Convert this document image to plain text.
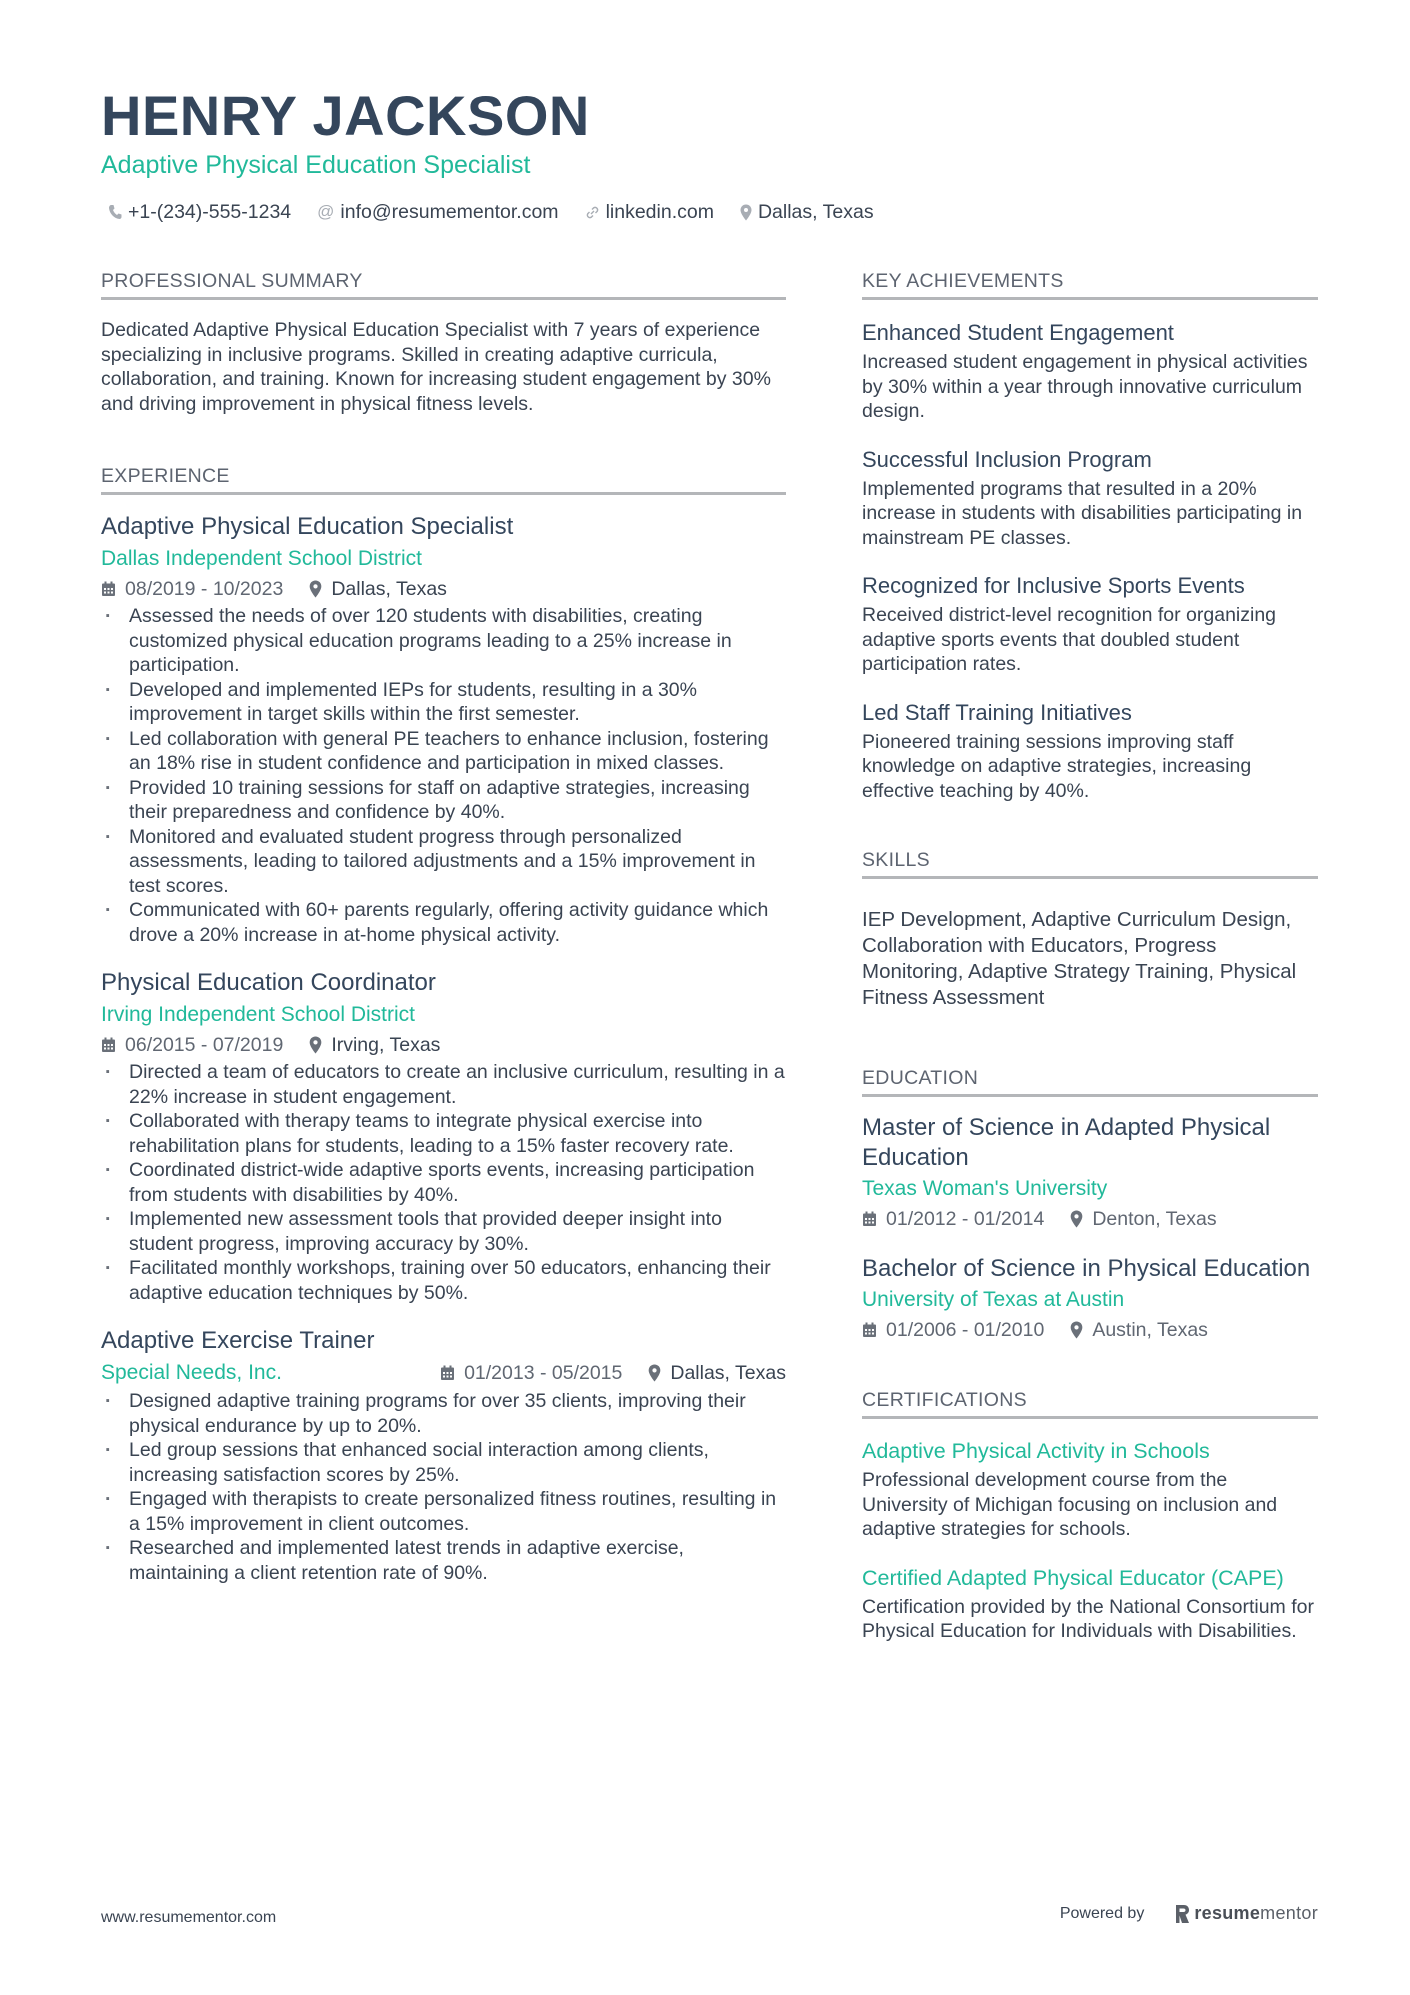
HENRY JACKSON
Adaptive Physical Education Specialist
+1-(234)-555-1234 @ info@resumementor.com linkedin.com Dallas, Texas
PROFESSIONAL SUMMARY

Dedicated Adaptive Physical Education Specialist with 7 years of experience specializing in inclusive programs. Skilled in creating adaptive curricula, collaboration, and training. Known for increasing student engagement by 30% and driving improvement in physical fitness levels.

EXPERIENCE
Adaptive Physical Education Specialist
Dallas Independent School District
08/2019 - 10/2023 Dallas, Texas
· Assessed the needs of over 120 students with disabilities, creating customized physical education programs leading to a 25% increase in participation.
· Developed and implemented IEPs for students, resulting in a 30% improvement in target skills within the first semester.
· Led collaboration with general PE teachers to enhance inclusion, fostering an 18% rise in student confidence and participation in mixed classes.
· Provided 10 training sessions for staff on adaptive strategies, increasing their preparedness and confidence by 40%.
· Monitored and evaluated student progress through personalized assessments, leading to tailored adjustments and a 15% improvement in test scores.
· Communicated with 60+ parents regularly, offering activity guidance which drove a 20% increase in at-home physical activity.
Physical Education Coordinator
Irving Independent School District
06/2015 - 07/2019 Irving, Texas
· Directed a team of educators to create an inclusive curriculum, resulting in a 22% increase in student engagement.
· Collaborated with therapy teams to integrate physical exercise into rehabilitation plans for students, leading to a 15% faster recovery rate.
· Coordinated district-wide adaptive sports events, increasing participation from students with disabilities by 40%.
· Implemented new assessment tools that provided deeper insight into student progress, improving accuracy by 30%.
· Facilitated monthly workshops, training over 50 educators, enhancing their adaptive education techniques by 50%.
Adaptive Exercise Trainer
Special Needs, Inc.	01/2013 - 05/2015 Dallas, Texas
· Designed adaptive training programs for over 35 clients, improving their physical endurance by up to 20%.
· Led group sessions that enhanced social interaction among clients, increasing satisfaction scores by 25%.
· Engaged with therapists to create personalized fitness routines, resulting in a 15% improvement in client outcomes.
· Researched and implemented latest trends in adaptive exercise, maintaining a client retention rate of 90%.
KEY ACHIEVEMENTS
Enhanced Student Engagement
Increased student engagement in physical activities by 30% within a year through innovative curriculum design.
Successful Inclusion Program
Implemented programs that resulted in a 20% increase in students with disabilities participating in mainstream PE classes.
Recognized for Inclusive Sports Events
Received district-level recognition for organizing adaptive sports events that doubled student participation rates.
Led Staff Training Initiatives
Pioneered training sessions improving staff knowledge on adaptive strategies, increasing effective teaching by 40%.
SKILLS
IEP Development, Adaptive Curriculum Design, Collaboration with Educators, Progress Monitoring, Adaptive Strategy Training, Physical Fitness Assessment
EDUCATION
Master of Science in Adapted Physical Education
Texas Woman's University
01/2012 - 01/2014 Denton, Texas
Bachelor of Science in Physical Education
University of Texas at Austin
01/2006 - 01/2010 Austin, Texas
CERTIFICATIONS
Adaptive Physical Activity in Schools
Professional development course from the University of Michigan focusing on inclusion and adaptive strategies for schools.
Certified Adapted Physical Educator (CAPE)
Certification provided by the National Consortium for Physical Education for Individuals with Disabilities.
www.resumementor.com	Powered by	resume mentor
